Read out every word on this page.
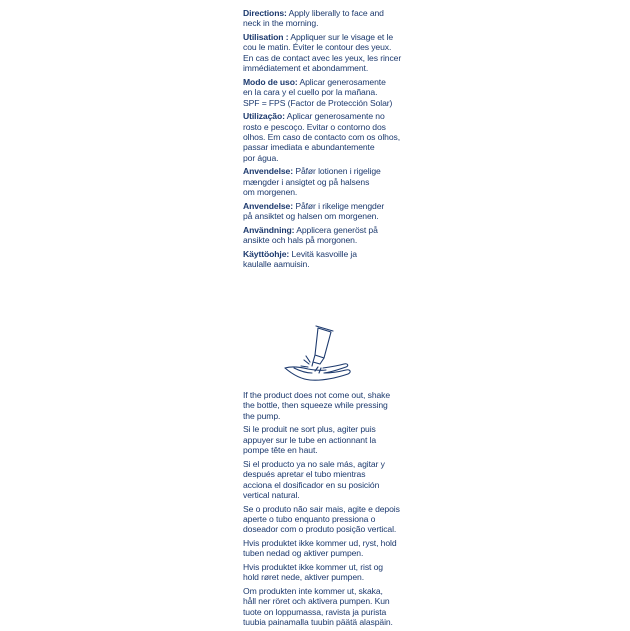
Directions: Apply liberally to face and
neck in the morning.
Utilisation : Appliquer sur le visage et le
cou le matin. Éviter le contour des yeux.
En cas de contact avec les yeux, les rincer
immédiatement et abondamment.
Modo de uso: Aplicar generosamente
en la cara y el cuello por la mañana.
SPF = FPS (Factor de Protección Solar)
Utilização: Aplicar generosamente no
rosto e pescoço. Evitar o contorno dos
olhos. Em caso de contacto com os olhos,
passar imediata e abundantemente
por água.
Anvendelse: Påfør lotionen i rigelige
mængder i ansigtet og på halsens
om morgenen.
Anvendelse: Påfør i rikelige mengder
på ansiktet og halsen om morgenen.
Användning: Applicera generöst på
ansikte och hals på morgonen.
Käyttöohje: Levitä kasvoille ja
kaulalle aamuisin.
If the product does not come out, shake
the bottle, then squeeze while pressing
the pump.
Si le produit ne sort plus, agiter puis
appuyer sur le tube en actionnant la
pompe tête en haut.
Si el producto ya no sale más, agitar y
después apretar el tubo mientras
acciona el dosificador en su posición
vertical natural.
Se o produto não sair mais, agite e depois
aperte o tubo enquanto pressiona o
doseador com o produto posição vertical.
Hvis produktet ikke kommer ud, ryst, hold
tuben nedad og aktiver pumpen.
Hvis produktet ikke kommer ut, rist og
hold røret nede, aktiver pumpen.
Om produkten inte kommer ut, skaka,
håll ner röret och aktivera pumpen. Kun
tuote on loppumassa, ravista ja purista
tuubia painamalla tuubin päätä alaspäin.
